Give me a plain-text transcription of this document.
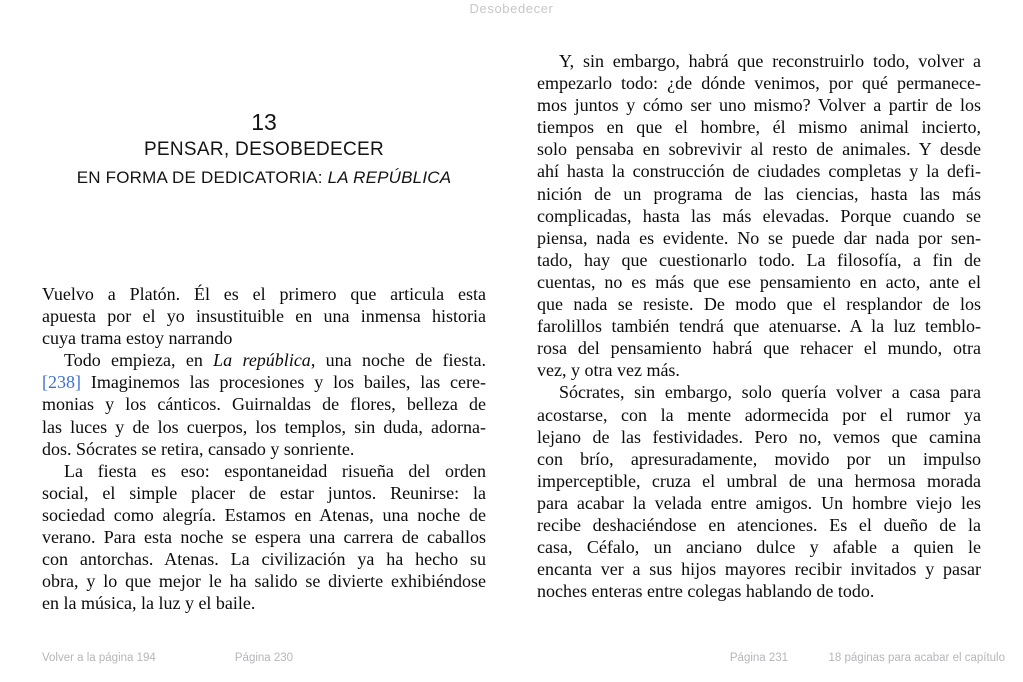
Desobedecer
13
PENSAR, DESOBEDECER
EN FORMA DE DEDICATORIA: LA REPÚBLICA
Vuelvo a Platón. Él es el primero que articula esta
apuesta por el yo insustituible en una inmensa historia
cuya trama estoy narrando
Todo empieza, en La república, una noche de fiesta.
[238] Imaginemos las procesiones y los bailes, las cere-
monias y los cánticos. Guirnaldas de flores, belleza de
las luces y de los cuerpos, los templos, sin duda, adorna-
dos. Sócrates se retira, cansado y sonriente.
La fiesta es eso: espontaneidad risueña del orden
social, el simple placer de estar juntos. Reunirse: la
sociedad como alegría. Estamos en Atenas, una noche de
verano. Para esta noche se espera una carrera de caballos
con antorchas. Atenas. La civilización ya ha hecho su
obra, y lo que mejor le ha salido se divierte exhibiéndose
en la música, la luz y el baile.
Y, sin embargo, habrá que reconstruirlo todo, volver a
empezarlo todo: ¿de dónde venimos, por qué permanece-
mos juntos y cómo ser uno mismo? Volver a partir de los
tiempos en que el hombre, él mismo animal incierto,
solo pensaba en sobrevivir al resto de animales. Y desde
ahí hasta la construcción de ciudades completas y la defi-
nición de un programa de las ciencias, hasta las más
complicadas, hasta las más elevadas. Porque cuando se
piensa, nada es evidente. No se puede dar nada por sen-
tado, hay que cuestionarlo todo. La filosofía, a fin de
cuentas, no es más que ese pensamiento en acto, ante el
que nada se resiste. De modo que el resplandor de los
farolillos también tendrá que atenuarse. A la luz temblo-
rosa del pensamiento habrá que rehacer el mundo, otra
vez, y otra vez más.
Sócrates, sin embargo, solo quería volver a casa para
acostarse, con la mente adormecida por el rumor ya
lejano de las festividades. Pero no, vemos que camina
con brío, apresuradamente, movido por un impulso
imperceptible, cruza el umbral de una hermosa morada
para acabar la velada entre amigos. Un hombre viejo les
recibe deshaciéndose en atenciones. Es el dueño de la
casa, Céfalo, un anciano dulce y afable a quien le
encanta ver a sus hijos mayores recibir invitados y pasar
noches enteras entre colegas hablando de todo.
Volver a la página 194	Página 230	Página 231	18 páginas para acabar el capítulo
